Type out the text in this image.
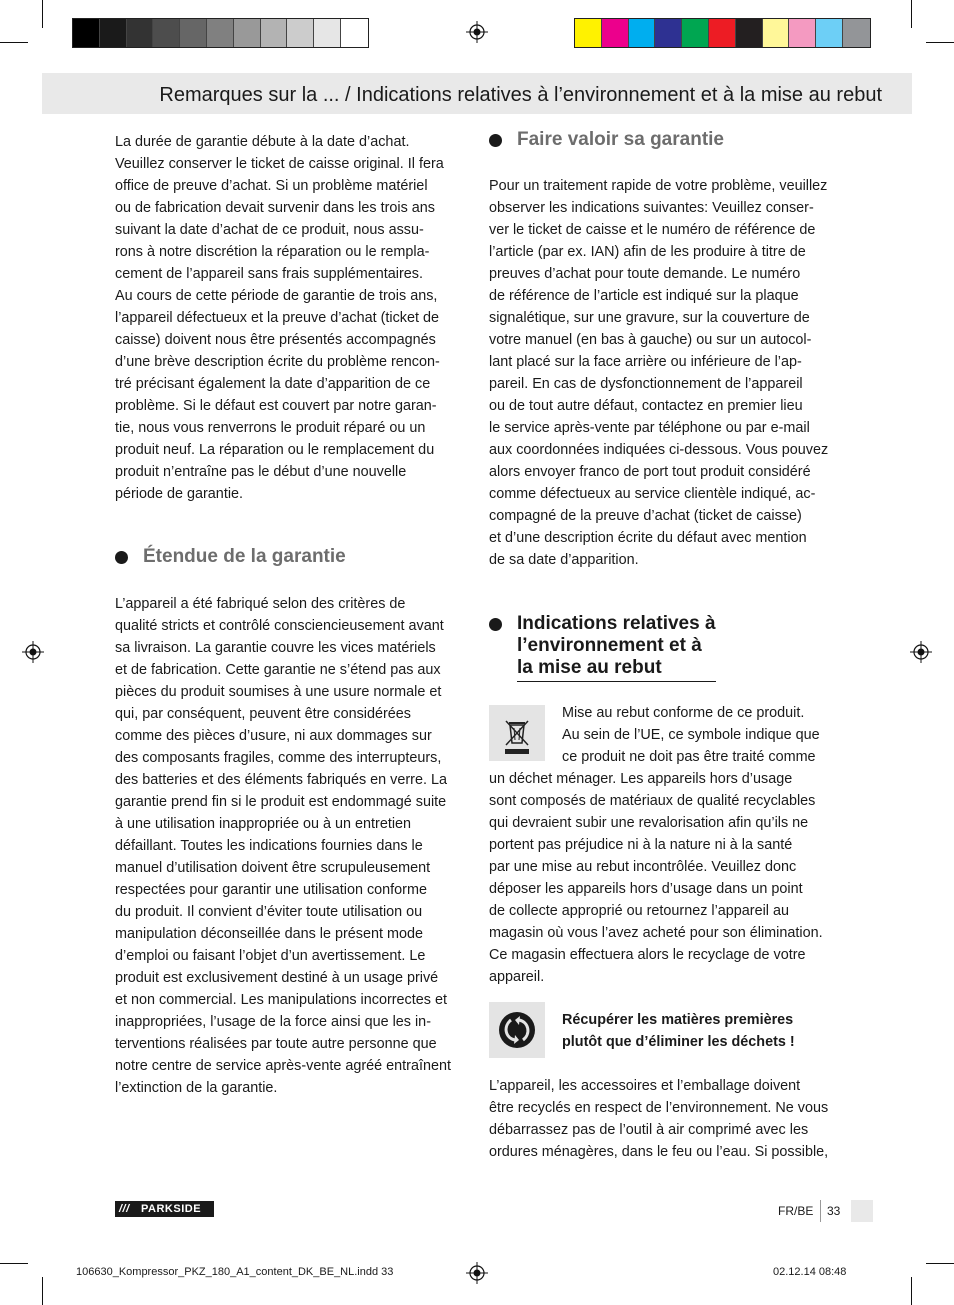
Remarques sur la ... / Indications relatives à l’environnement et à la mise au rebut

La durée de garantie débute à la date d’achat.
Veuillez conserver le ticket de caisse original. Il fera
office de preuve d’achat. Si un problème matériel
ou de fabrication devait survenir dans les trois ans
suivant la date d’achat de ce produit, nous assu-
rons à notre discrétion la réparation ou le rempla-
cement de l’appareil sans frais supplémentaires.
Au cours de cette période de garantie de trois ans,
l’appareil défectueux et la preuve d’achat (ticket de
caisse) doivent nous être présentés accompagnés
d’une brève description écrite du problème rencon-
tré précisant également la date d’apparition de ce
problème. Si le défaut est couvert par notre garan-
tie, nous vous renverrons le produit réparé ou un
produit neuf. La réparation ou le remplacement du
produit n’entraîne pas le début d’une nouvelle
période de garantie.

Étendue de la garantie

L’appareil a été fabriqué selon des critères de
qualité stricts et contrôlé consciencieusement avant
sa livraison. La garantie couvre les vices matériels
et de fabrication. Cette garantie ne s’étend pas aux
pièces du produit soumises à une usure normale et
qui, par conséquent, peuvent être considérées
comme des pièces d’usure, ni aux dommages sur
des composants fragiles, comme des interrupteurs,
des batteries et des éléments fabriqués en verre. La
garantie prend fin si le produit est endommagé suite
à une utilisation inappropriée ou à un entretien
défaillant. Toutes les indications fournies dans le
manuel d’utilisation doivent être scrupuleusement
respectées pour garantir une utilisation conforme
du produit. Il convient d’éviter toute utilisation ou
manipulation déconseillée dans le présent mode
d’emploi ou faisant l’objet d’un avertissement. Le
produit est exclusivement destiné à un usage privé
et non commercial. Les manipulations incorrectes et
inappropriées, l’usage de la force ainsi que les in-
terventions réalisées par toute autre personne que
notre centre de service après-vente agréé entraînent
l’extinction de la garantie.

Faire valoir sa garantie

Pour un traitement rapide de votre problème, veuillez
observer les indications suivantes: Veuillez conser-
ver le ticket de caisse et le numéro de référence de
l’article (par ex. IAN) afin de les produire à titre de
preuves d’achat pour toute demande. Le numéro
de référence de l’article est indiqué sur la plaque
signalétique, sur une gravure, sur la couverture de
votre manuel (en bas à gauche) ou sur un autocol-
lant placé sur la face arrière ou inférieure de l’ap-
pareil. En cas de dysfonctionnement de l’appareil
ou de tout autre défaut, contactez en premier lieu
le service après-vente par téléphone ou par e-mail
aux coordonnées indiquées ci-dessous. Vous pouvez
alors envoyer franco de port tout produit considéré
comme défectueux au service clientèle indiqué, ac-
compagné de la preuve d’achat (ticket de caisse)
et d’une description écrite du défaut avec mention
de sa date d’apparition.

Indications relatives à
l’environnement et à
la mise au rebut

Mise au rebut conforme de ce produit.
Au sein de l’UE, ce symbole indique que
ce produit ne doit pas être traité comme

un déchet ménager. Les appareils hors d’usage
sont composés de matériaux de qualité recyclables
qui devraient subir une revalorisation afin qu’ils ne
portent pas préjudice ni à la nature ni à la santé
par une mise au rebut incontrôlée. Veuillez donc
déposer les appareils hors d’usage dans un point
de collecte approprié ou retournez l’appareil au
magasin où vous l’avez acheté pour son élimination.
Ce magasin effectuera alors le recyclage de votre
appareil.

Récupérer les matières premières
plutôt que d’éliminer les déchets !

L’appareil, les accessoires et l’emballage doivent
être recyclés en respect de l’environnement. Ne vous
débarrassez pas de l’outil à air comprimé avec les
ordures ménagères, dans le feu ou l’eau. Si possible,

///	PARKSIDE	FR/BE 33
106630_Kompressor_PKZ_180_A1_content_DK_BE_NL.indd 33	02.12.14 08:48
